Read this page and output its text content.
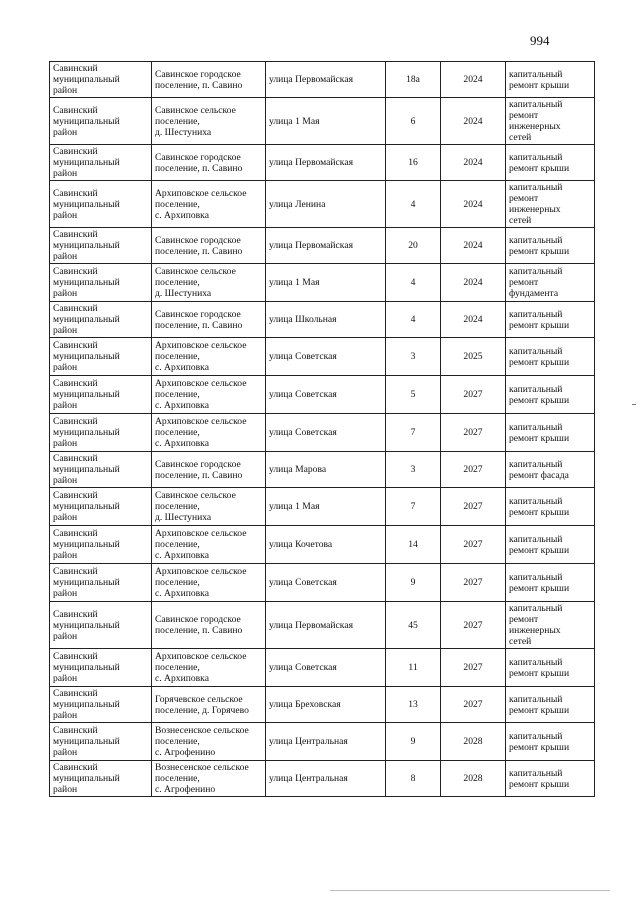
994
Савинский
муниципальный
район	Савинское городское
поселение, п. Савино	улица Первомайская	18а	2024	капитальный
ремонт крыши

Савинский
муниципальный
район	Савинское сельское
поселение,
д. Шестуниха	улица 1 Мая	6	2024	капитальный
ремонт
инженерных
сетей

Савинский
муниципальный
район	Савинское городское
поселение, п. Савино	улица Первомайская	16	2024	капитальный
ремонт крыши

Савинский
муниципальный
район	Архиповское сельское
поселение,
с. Архиповка	улица Ленина	4	2024	капитальный
ремонт
инженерных
сетей

Савинский
муниципальный
район	Савинское городское
поселение, п. Савино	улица Первомайская	20	2024	капитальный
ремонт крыши

Савинский
муниципальный
район	Савинское сельское
поселение,
д. Шестуниха	улица 1 Мая	4	2024	капитальный
ремонт
фундамента

Савинский
муниципальный
район	Савинское городское
поселение, п. Савино	улица Школьная	4	2024	капитальный
ремонт крыши

Савинский
муниципальный
район	Архиповское сельское
поселение,
с. Архиповка	улица Советская	3	2025	капитальный
ремонт крыши

Савинский
муниципальный
район	Архиповское сельское
поселение,
с. Архиповка	улица Советская	5	2027	капитальный
ремонт крыши

Савинский
муниципальный
район	Архиповское сельское
поселение,
с. Архиповка	улица Советская	7	2027	капитальный
ремонт крыши

Савинский
муниципальный
район	Савинское городское
поселение, п. Савино	улица Марова	3	2027	капитальный
ремонт фасада

Савинский
муниципальный
район	Савинское сельское
поселение,
д. Шестуниха	улица 1 Мая	7	2027	капитальный
ремонт крыши

Савинский
муниципальный
район	Архиповское сельское
поселение,
с. Архиповка	улица Кочетова	14	2027	капитальный
ремонт крыши

Савинский
муниципальный
район	Архиповское сельское
поселение,
с. Архиповка	улица Советская	9	2027	капитальный
ремонт крыши

Савинский
муниципальный
район	Савинское городское
поселение, п. Савино	улица Первомайская	45	2027	капитальный
ремонт
инженерных
сетей

Савинский
муниципальный
район	Архиповское сельское
поселение,
с. Архиповка	улица Советская	11	2027	капитальный
ремонт крыши

Савинский
муниципальный
район	Горячевское сельское
поселение, д. Горячево	улица Бреховская	13	2027	капитальный
ремонт крыши

Савинский
муниципальный
район	Вознесенское сельское
поселение,
с. Агрофенино	улица Центральная	9	2028	капитальный
ремонт крыши

Савинский
муниципальный
район	Вознесенское сельское
поселение,
с. Агрофенино	улица Центральная	8	2028	капитальный
ремонт крыши
